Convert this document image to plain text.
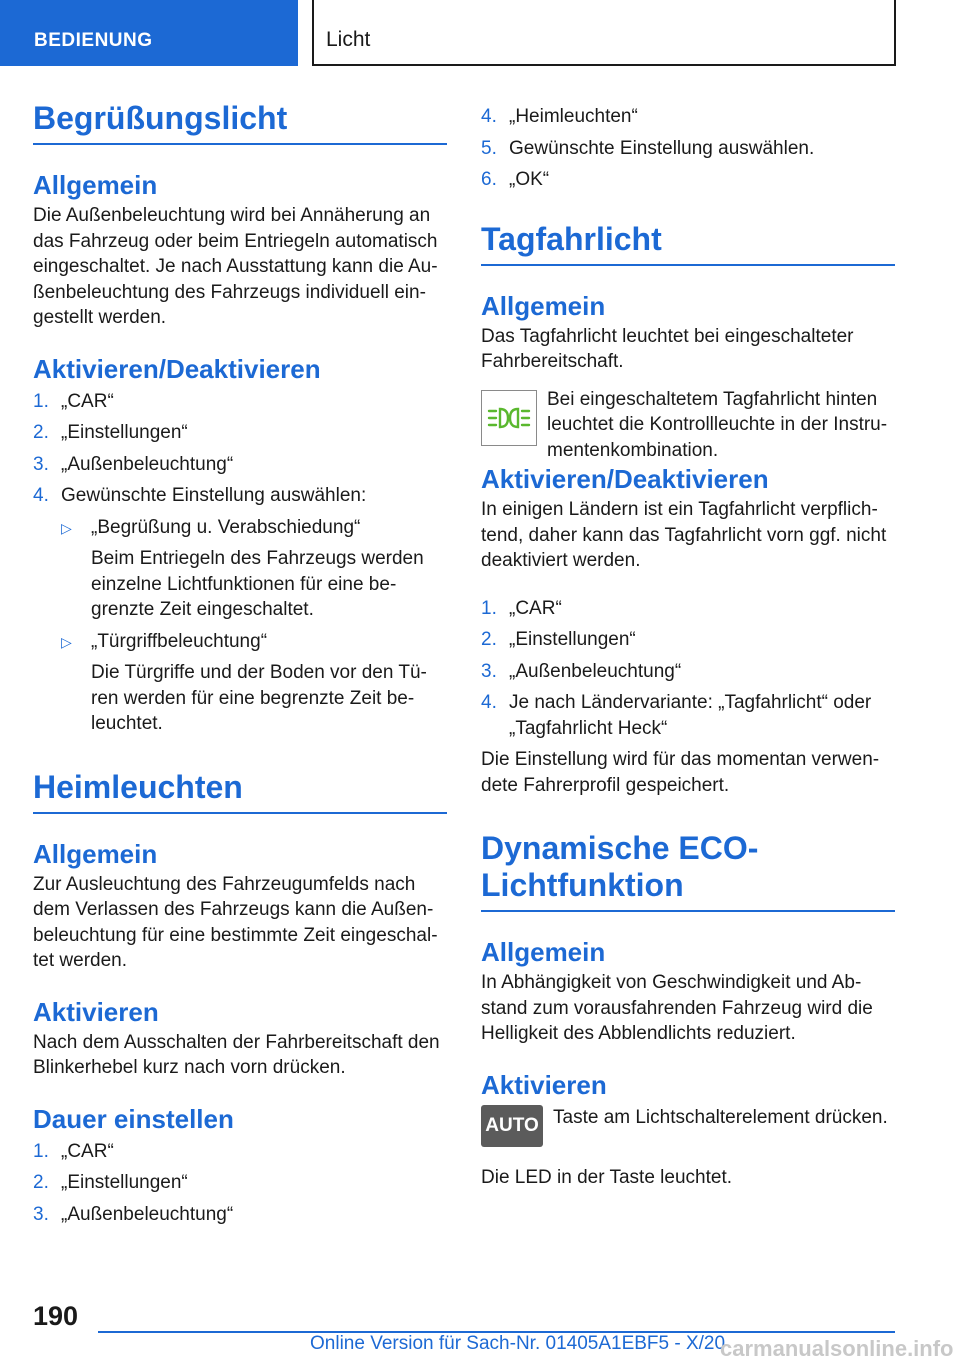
BEDIENUNG	Licht
Begrüßungslicht
Allgemein

Die Außenbeleuchtung wird bei Annäherung an das Fahrzeug oder beim Entriegeln automatisch eingeschaltet. Je nach Ausstattung kann die Außenbeleuchtung des Fahrzeugs individuell eingestellt werden.

Aktivieren/Deaktivieren
1. „CAR“
2. „Einstellungen“
3. „Außenbeleuchtung“
4. Gewünschte Einstellung auswählen:
▷ „Begrüßung u. Verabschiedung“

Beim Entriegeln des Fahrzeugs werden einzelne Lichtfunktionen für eine begrenzte Zeit eingeschaltet.

▷ „Türgriffbeleuchtung“

Die Türgriffe und der Boden vor den Türen werden für eine begrenzte Zeit beleuchtet.

Heimleuchten
Allgemein

Zur Ausleuchtung des Fahrzeugumfelds nach dem Verlassen des Fahrzeugs kann die Außenbeleuchtung für eine bestimmte Zeit eingeschaltet werden.

Aktivieren

Nach dem Ausschalten der Fahrbereitschaft den Blinkerhebel kurz nach vorn drücken.

Dauer einstellen
1. „CAR“
2. „Einstellungen“
3. „Außenbeleuchtung“
4. „Heimleuchten“
5. Gewünschte Einstellung auswählen.
6. „OK“
Tagfahrlicht
Allgemein

Das Tagfahrlicht leuchtet bei eingeschalteter Fahrbereitschaft.

Bei eingeschaltetem Tagfahrlicht hinten leuchtet die Kontrollleuchte in der Instrumentenkombination.

Aktivieren/Deaktivieren

In einigen Ländern ist ein Tagfahrlicht verpflichtend, daher kann das Tagfahrlicht vorn ggf. nicht deaktiviert werden.

1. „CAR“
2. „Einstellungen“
3. „Außenbeleuchtung“
4. Je nach Ländervariante: „Tagfahrlicht“ oder „Tagfahrlicht Heck“

Die Einstellung wird für das momentan verwendete Fahrerprofil gespeichert.

Dynamische ECO-Lichtfunktion
Allgemein

In Abhängigkeit von Geschwindigkeit und Abstand zum vorausfahrenden Fahrzeug wird die Helligkeit des Abblendlichts reduziert.

Aktivieren
AUTO Taste am Lichtschalterelement drücken.

Die LED in der Taste leuchtet.

190
Online Version für Sach-Nr. 01405A1EBF5 - X/20
carmanualsonline.info
